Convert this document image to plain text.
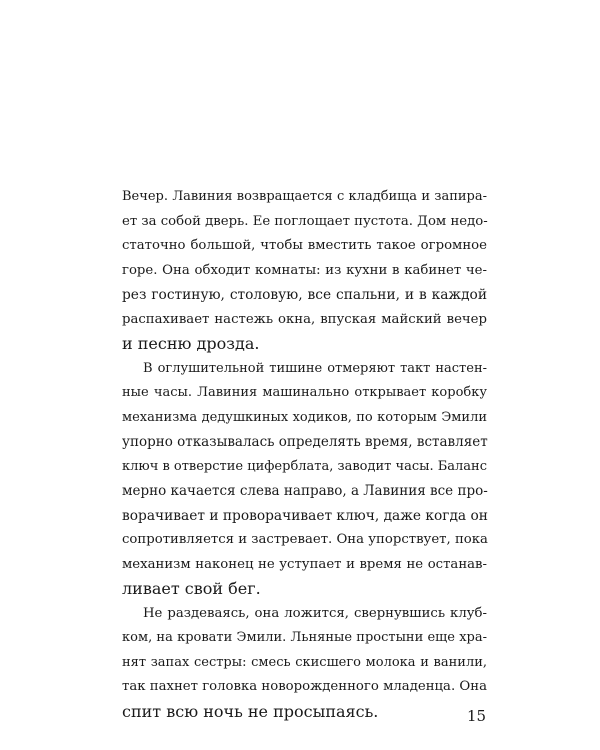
Вечер. Лавиния возвращается с кладбища и запира-
ет за собой дверь. Ее поглощает пустота. Дом недо-
статочно большой, чтобы вместить такое огромное
горе. Она обходит комнаты: из кухни в кабинет че-
рез гостиную, столовую, все спальни, и в каждой
распахивает настежь окна, впуская майский вечер
и песню дрозда.
В оглушительной тишине отмеряют такт настен-
ные часы. Лавиния машинально открывает коробку
механизма дедушкиных ходиков, по которым Эмили
упорно отказывалась определять время, вставляет
ключ в отверстие циферблата, заводит часы. Баланс
мерно качается слева направо, а Лавиния все про-
ворачивает и проворачивает ключ, даже когда он
сопротивляется и застревает. Она упорствует, пока
механизм наконец не уступает и время не останав-
ливает свой бег.
Не раздеваясь, она ложится, свернувшись клуб-
ком, на кровати Эмили. Льняные простыни еще хра-
нят запах сестры: смесь скисшего молока и ванили,
так пахнет головка новорожденного младенца. Она
спит всю ночь не просыпаясь.	15
